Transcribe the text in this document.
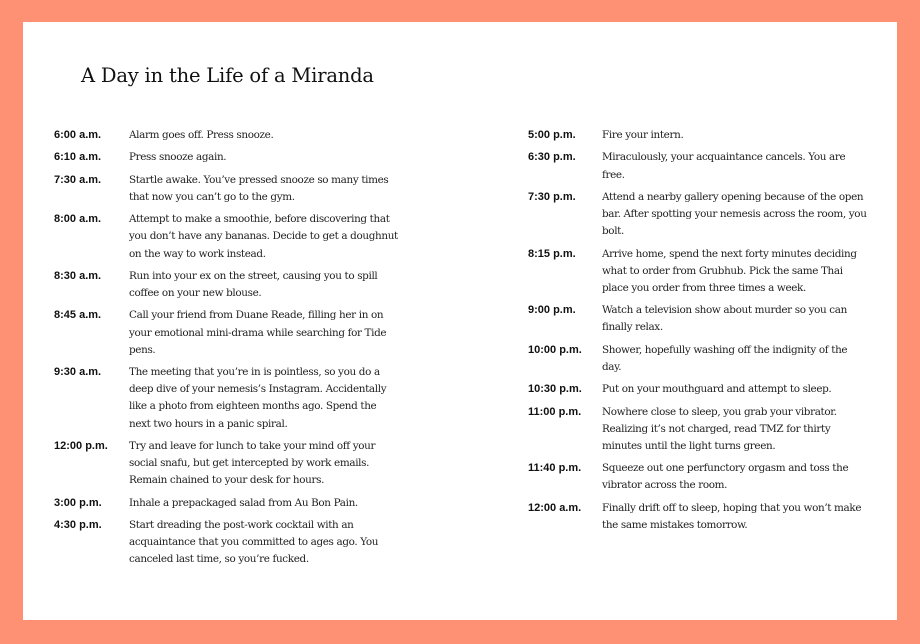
A Day in the Life of a Miranda
6:00 a.m.	Alarm goes off. Press snooze.
6:10 a.m.	Press snooze again.
7:30 a.m.	Startle awake. You’ve pressed snooze so many times that now you can’t go to the gym.
8:00 a.m.	Attempt to make a smoothie, before discovering that you don’t have any bananas. Decide to get a doughnut on the way to work instead.
8:30 a.m.	Run into your ex on the street, causing you to spill coffee on your new blouse.
8:45 a.m.	Call your friend from Duane Reade, filling her in on your emotional mini-drama while searching for Tide pens.
9:30 a.m.	The meeting that you’re in is pointless, so you do a deep dive of your nemesis’s Instagram. Accidentally like a photo from eighteen months ago. Spend the next two hours in a panic spiral.
12:00 p.m.	Try and leave for lunch to take your mind off your social snafu, but get intercepted by work emails. Remain chained to your desk for hours.
3:00 p.m.	Inhale a prepackaged salad from Au Bon Pain.
4:30 p.m.	Start dreading the post-work cocktail with an acquaintance that you committed to ages ago. You canceled last time, so you’re fucked.
5:00 p.m.	Fire your intern.
6:30 p.m.	Miraculously, your acquaintance cancels. You are free.
7:30 p.m.	Attend a nearby gallery opening because of the open bar. After spotting your nemesis across the room, you bolt.
8:15 p.m.	Arrive home, spend the next forty minutes deciding what to order from Grubhub. Pick the same Thai place you order from three times a week.
9:00 p.m.	Watch a television show about murder so you can finally relax.
10:00 p.m.	Shower, hopefully washing off the indignity of the day.
10:30 p.m.	Put on your mouthguard and attempt to sleep.
11:00 p.m.	Nowhere close to sleep, you grab your vibrator. Realizing it’s not charged, read TMZ for thirty minutes until the light turns green.
11:40 p.m.	Squeeze out one perfunctory orgasm and toss the vibrator across the room.
12:00 a.m.	Finally drift off to sleep, hoping that you won’t make the same mistakes tomorrow.
